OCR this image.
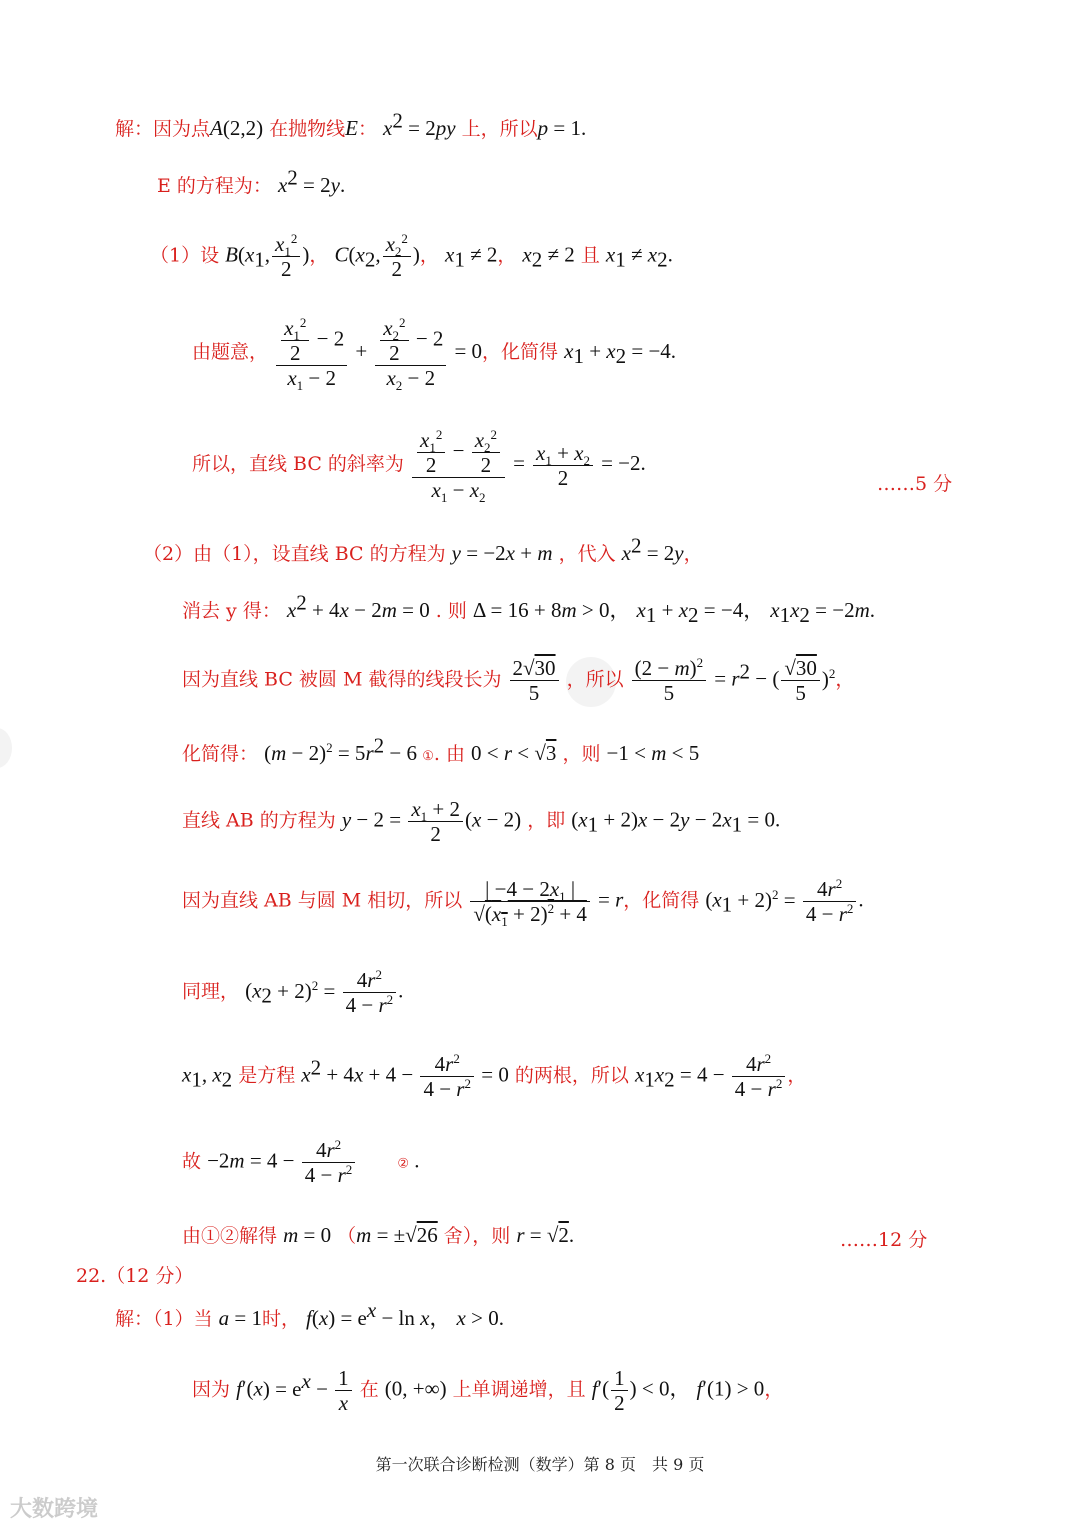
解：因为点A(2,2) 在抛物线E： $x^2 = 2py$ 上，所以p = 1.
E 的方程为： $x^2 = 2y$.
（1）设 $B(x_1$, $\frac{x_1^2}{2}$ )， $C(x_2$, $\frac{x_2^2}{2}$ )， $x_1 \ne 2$， $x_2 \ne 2$ 且 $x_1 \ne x_2$.
由题意， $\frac{\frac{x_1^2}{2} - 2}{x_1 - 2} + \frac{\frac{x_2^2}{2} - 2}{x_2 - 2} = 0$，化简得 $x_1 + x_2 = -4$.
所以，直线 BC 的斜率为 $\frac{\frac{x_1^2}{2} - \frac{x_2^2}{2}}{x_1 - x_2} = \frac{x_1 + x_2}{2} = -2$.
……5 分
（2）由（1），设直线 BC 的方程为 y = −2x + m ，代入 $x^2 = 2y$，
消去 y 得： $x^2 + 4x - 2m = 0$ . 则 Δ = 16 + 8m > 0， $x_1 + x_2 = -4$， $x_1x_2 = -2m$.
因为直线 BC 被圆 M 截得的线段长为 $\frac{2√30}{5}$ ，所以 $\frac{(2 - m)^2}{5} = r^2$ − ( $\frac{√30}{5} )^2$，
化简得： $(m - 2)^2 = 5r^2 - 6$ ①. 由 0 < r < √3 ，则 −1 < m < 5
直线 AB 的方程为 $y - 2 = \frac{x_1 + 2}{2} (x - 2)$ ，即 $(x_1 + 2)x - 2y - 2x_1 = 0$.
因为直线 AB 与圆 M 相切，所以 $\frac{| -4 - 2x_1 |}{√(x_1 + 2)^2 + 4} = r$，化简得 $(x_1 + 2)^2 = \frac{4r^2}{4 - r^2}$ .
同理， $(x_2 + 2)^2 = \frac{4r^2}{4 - r^2}$ .
$x_1$, $x_2$ 是方程 $x^2 + 4x + 4 - \frac{4r^2}{4 - r^2} = 0$ 的两根，所以 $x_1x_2 = 4 - \frac{4r^2}{4 - r^2}$ ，
故 $-2m = 4 - \frac{4r^2}{4 - r^2}$	② .
由①②解得 m = 0 （m = ±√26 舍），则 r = √2.	……12 分
22.（12 分）
解：（1）当 a = 1时， $f(x) = e^x - \ln x$， x > 0.
因为 $f'(x) = e^x - \frac{1}{x}$ 在 (0, +∞) 上单调递增，且 $f'( \frac{1}{2}$ ) < 0， f′(1) > 0，
第一次联合诊断检测（数学）第 8 页　共 9 页
大数跨境
